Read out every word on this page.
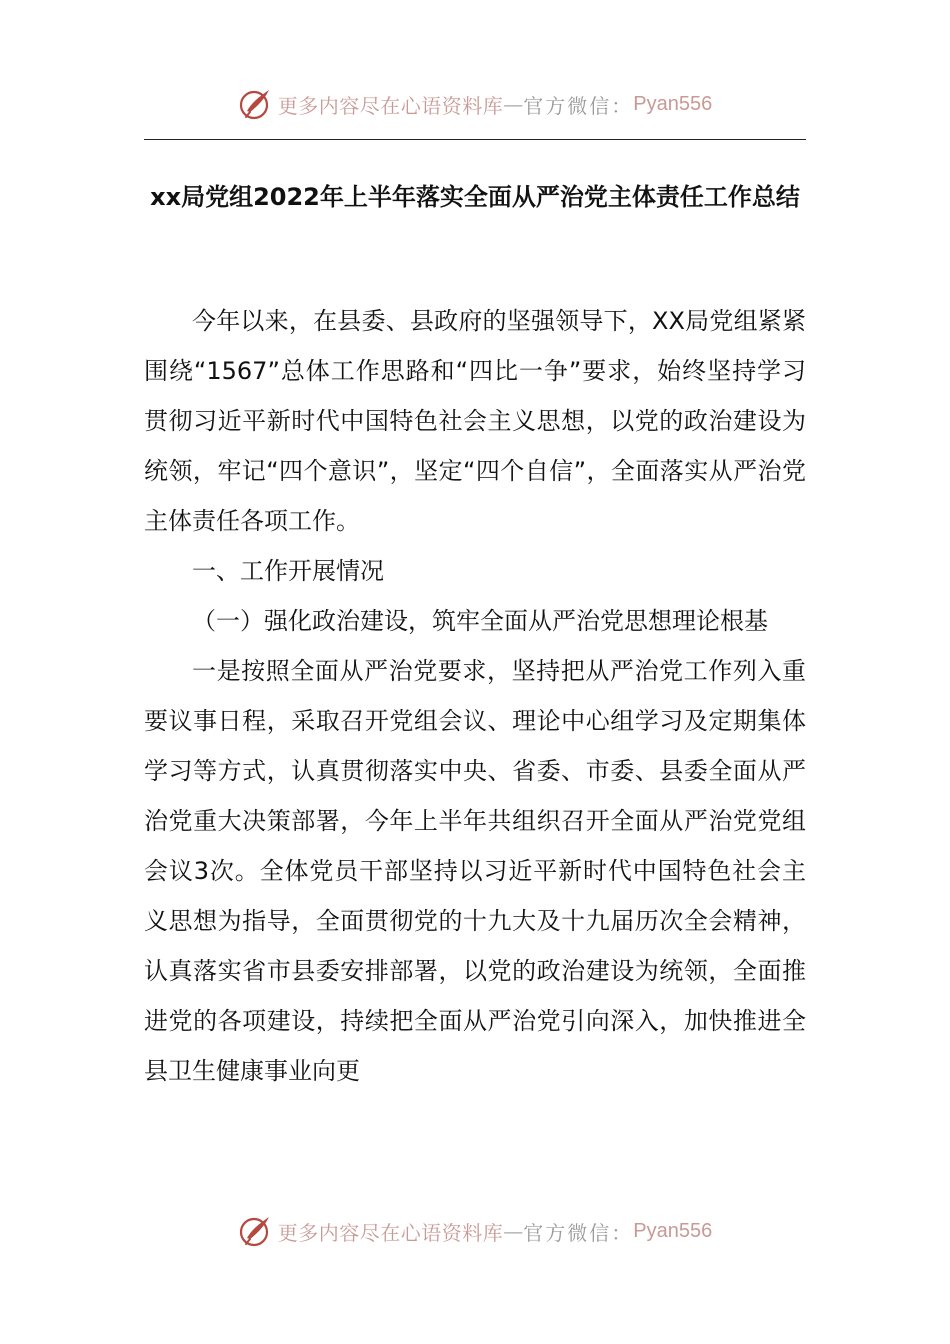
更多内容尽在心语资料库 — 官方微信： Pyan556
xx局党组2022年上半年落实全面从严治党主体责任工作总结

今年以来，在县委、县政府的坚强领导下，XX局党组紧紧围绕“1567”总体工作思路和“四比一争”要求，始终坚持学习贯彻习近平新时代中国特色社会主义思想，以党的政治建设为统领，牢记“四个意识”，坚定“四个自信”，全面落实从严治党主体责任各项工作。

一、工作开展情况

（一）强化政治建设，筑牢全面从严治党思想理论根基

一是按照全面从严治党要求，坚持把从严治党工作列入重要议事日程，采取召开党组会议、理论中心组学习及定期集体学习等方式，认真贯彻落实中央、省委、市委、县委全面从严治党重大决策部署，今年上半年共组织召开全面从严治党党组会议3次。全体党员干部坚持以习近平新时代中国特色社会主义思想为指导，全面贯彻党的十九大及十九届历次全会精神，认真落实省市县委安排部署，以党的政治建设为统领，全面推进党的各项建设，持续把全面从严治党引向深入，加快推进全县卫生健康事业向更

更多内容尽在心语资料库 — 官方微信： Pyan556
